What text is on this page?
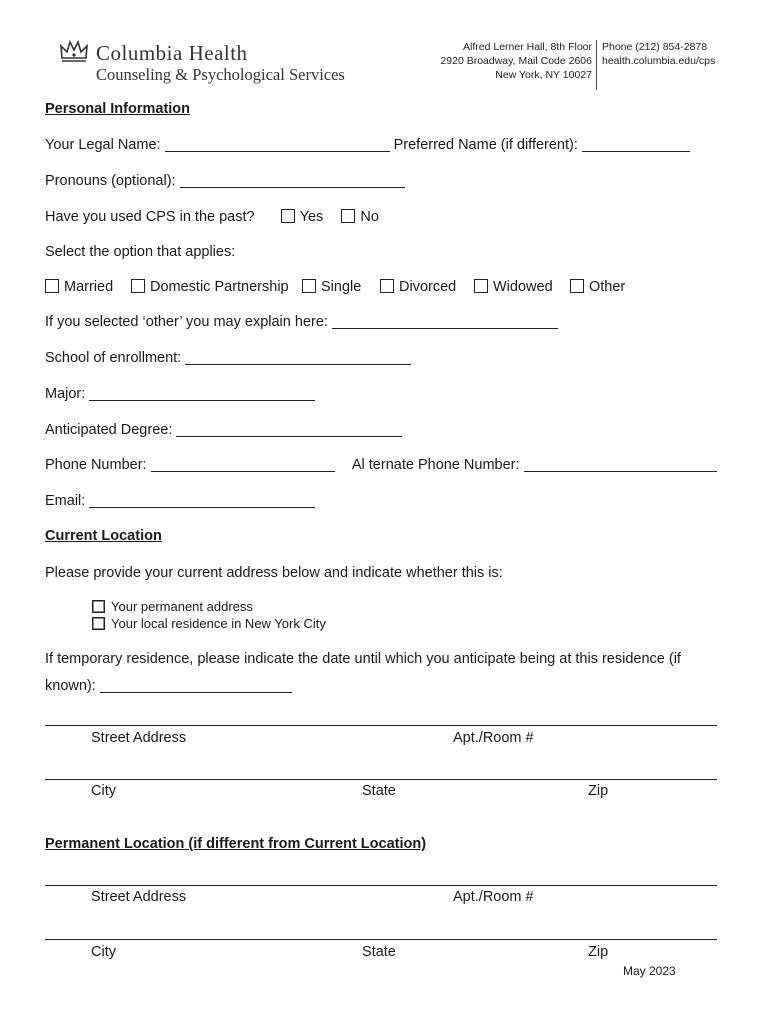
Columbia Health
Counseling & Psychological Services
Alfred Lerner Hall, 8th Floor
2920 Broadway, Mail Code 2606
New York, NY 10027
Phone (212) 854-2878
health.columbia.edu/cps
Personal Information
Your Legal Name:	Preferred Name (if different):
Pronouns (optional):
Have you used CPS in the past?	Yes	No
Select the option that applies:
Married	Domestic Partnership	Single	Divorced	Widowed	Other
If you selected ‘other’ you may explain here:
School of enrollment:
Major:
Anticipated Degree:
Phone Number:	Al ternate Phone Number:
Email:
Current Location
Please provide your current address below and indicate whether this is:
Your permanent address
Your local residence in New York City
If temporary residence, please indicate the date until which you anticipate being at this residence (if
known):
Street Address	Apt./Room #
City	State	Zip
Permanent Location (if different from Current Location)
Street Address	Apt./Room #
City	State	Zip
May 2023
